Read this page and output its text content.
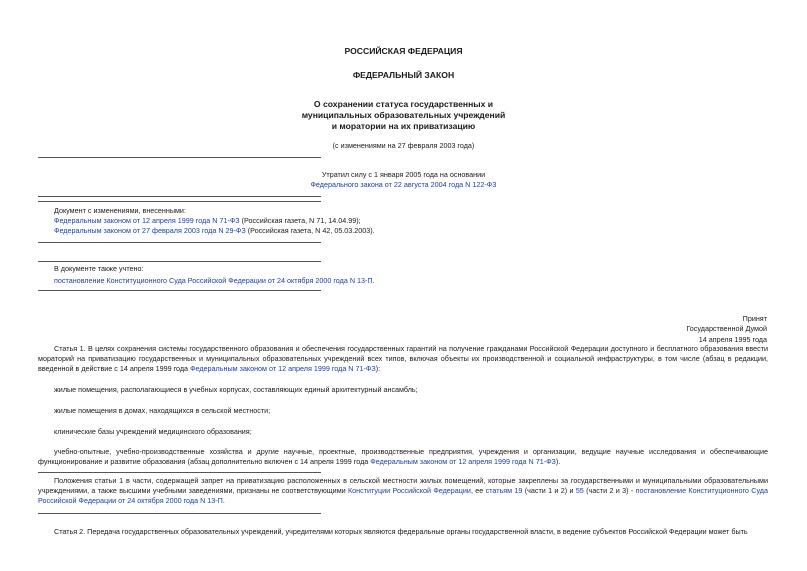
РОССИЙСКАЯ ФЕДЕРАЦИЯ
ФЕДЕРАЛЬНЫЙ ЗАКОН
О сохранении статуса государственных и
муниципальных образовательных учреждений
и моратории на их приватизацию
(с изменениями на 27 февраля 2003 года)
Утратил силу с 1 января 2005 года на основании
Федерального закона от 22 августа 2004 года N 122-ФЗ
Документ с изменениями, внесенными:
Федеральным законом от 12 апреля 1999 года N 71-ФЗ (Российская газета, N 71, 14.04.99);
Федеральным законом от 27 февраля 2003 года N 29-ФЗ (Российская газета, N 42, 05.03.2003).
В документе также учтено:
постановление Конституционного Суда Российской Федерации от 24 октября 2000 года N 13-П.
Принят
Государственной Думой
14 апреля 1995 года

Статья 1. В целях сохранения системы государственного образования и обеспечения государственных гарантий на получение гражданами Российской Федерации доступного и бесплатного образования ввести мораторий на приватизацию государственных и муниципальных образовательных учреждений всех типов, включая объекты их производственной и социальной инфраструктуры, в том числе (абзац в редакции, введенной в действие с 14 апреля 1999 года Федеральным законом от 12 апреля 1999 года N 71-ФЗ):

жилые помещения, располагающиеся в учебных корпусах, составляющих единый архитектурный ансамбль;

жилые помещения в домах, находящихся в сельской местности;

клинические базы учреждений медицинского образования;

учебно-опытные, учебно-производственные хозяйства и другие научные, проектные, производственные предприятия, учреждения и организации, ведущие научные исследования и обеспечивающие функционирование и развитие образования (абзац дополнительно включен с 14 апреля 1999 года Федеральным законом от 12 апреля 1999 года N 71-ФЗ).

Положения статьи 1 в части, содержащей запрет на приватизацию расположенных в сельской местности жилых помещений, которые закреплены за государственными и муниципальными образовательными учреждениями, а также высшими учебными заведениями, признаны не соответствующими Конституции Российской Федерации, ее статьям 19 (части 1 и 2) и 55 (части 2 и 3) - постановление Конституционного Суда Российской Федерации от 24 октября 2000 года N 13-П.

Статья 2. Передача государственных образовательных учреждений, учредителями которых являются федеральные органы государственной власти, в ведение субъектов Российской Федерации может быть
